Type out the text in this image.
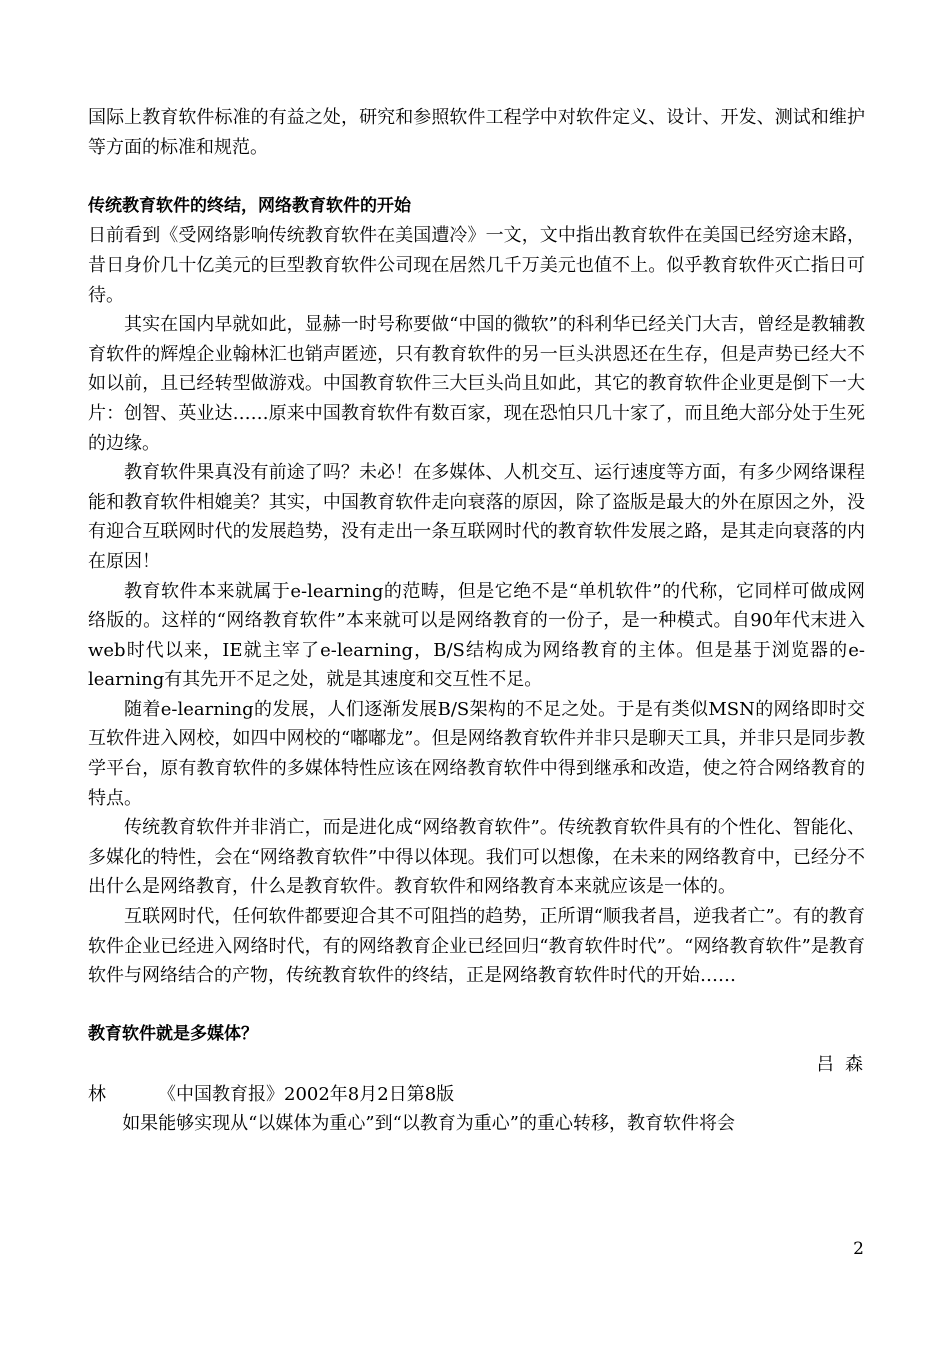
国际上教育软件标准的有益之处，研究和参照软件工程学中对软件定义、设计、开发、测试和维护等方面的标准和规范。

传统教育软件的终结，网络教育软件的开始

日前看到《受网络影响传统教育软件在美国遭冷》一文，文中指出教育软件在美国已经穷途末路，昔日身价几十亿美元的巨型教育软件公司现在居然几千万美元也值不上。似乎教育软件灭亡指日可待。

其实在国内早就如此，显赫一时号称要做“中国的微软”的科利华已经关门大吉，曾经是教辅教育软件的辉煌企业翰林汇也销声匿迹，只有教育软件的另一巨头洪恩还在生存，但是声势已经大不如以前，且已经转型做游戏。中国教育软件三大巨头尚且如此，其它的教育软件企业更是倒下一大片：创智、英业达……原来中国教育软件有数百家，现在恐怕只几十家了，而且绝大部分处于生死的边缘。

教育软件果真没有前途了吗？未必！在多媒体、人机交互、运行速度等方面，有多少网络课程能和教育软件相媲美？其实，中国教育软件走向衰落的原因，除了盗版是最大的外在原因之外，没有迎合互联网时代的发展趋势，没有走出一条互联网时代的教育软件发展之路，是其走向衰落的内在原因！

教育软件本来就属于e-learning的范畴，但是它绝不是“单机软件”的代称，它同样可做成网络版的。这样的“网络教育软件”本来就可以是网络教育的一份子，是一种模式。自90年代末进入web时代以来，IE就主宰了e-learning，B/S结构成为网络教育的主体。但是基于浏览器的e-learning有其先开不足之处，就是其速度和交互性不足。

随着e-learning的发展，人们逐渐发展B/S架构的不足之处。于是有类似MSN的网络即时交互软件进入网校，如四中网校的“嘟嘟龙”。但是网络教育软件并非只是聊天工具，并非只是同步教学平台，原有教育软件的多媒体特性应该在网络教育软件中得到继承和改造，使之符合网络教育的特点。

传统教育软件并非消亡，而是进化成“网络教育软件”。传统教育软件具有的个性化、智能化、多媒化的特性，会在“网络教育软件”中得以体现。我们可以想像，在未来的网络教育中，已经分不出什么是网络教育，什么是教育软件。教育软件和网络教育本来就应该是一体的。

互联网时代，任何软件都要迎合其不可阻挡的趋势，正所谓“顺我者昌，逆我者亡”。有的教育软件企业已经进入网络时代，有的网络教育企业已经回归“教育软件时代”。“网络教育软件”是教育软件与网络结合的产物，传统教育软件的终结，正是网络教育软件时代的开始……

教育软件就是多媒体？

吕森

林	《中国教育报》2002年8月2日第8版

如果能够实现从“以媒体为重心”到“以教育为重心”的重心转移，教育软件将会

2
